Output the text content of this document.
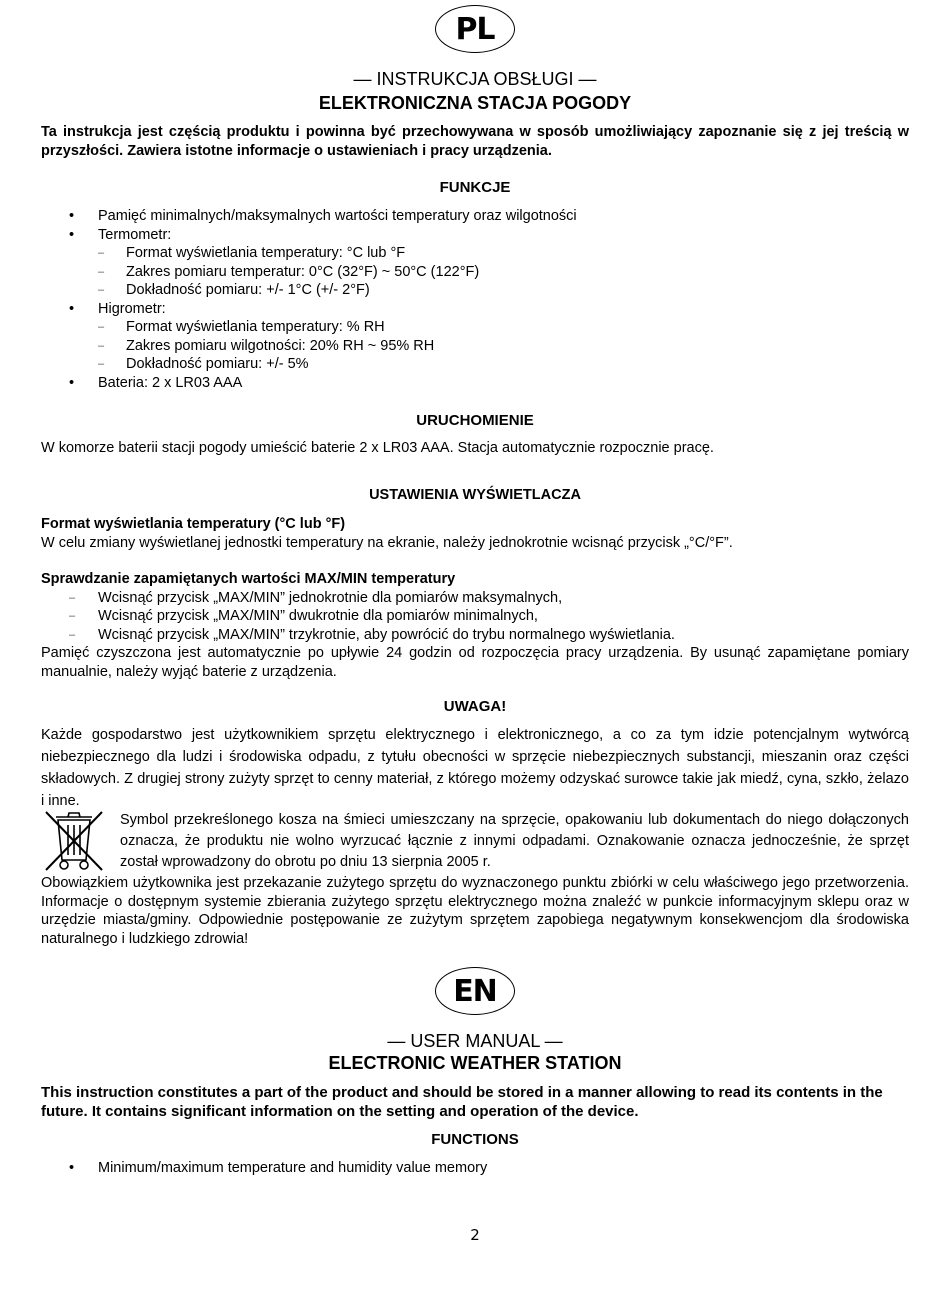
PL
— INSTRUKCJA OBSŁUGI —
ELEKTRONICZNA STACJA POGODY
Ta instrukcja jest częścią produktu i powinna być przechowywana w sposób umożliwiający zapoznanie się z jej treścią w przyszłości. Zawiera istotne informacje o ustawieniach i pracy urządzenia.
FUNKCJE
• Pamięć minimalnych/maksymalnych wartości temperatury oraz wilgotności
• Termometr:
– Format wyświetlania temperatury: °C lub °F
– Zakres pomiaru temperatur: 0°C (32°F) ~ 50°C (122°F)
– Dokładność pomiaru: +/- 1°C (+/- 2°F)
• Higrometr:
– Format wyświetlania temperatury: % RH
– Zakres pomiaru wilgotności: 20% RH ~ 95% RH
– Dokładność pomiaru: +/- 5%
• Bateria: 2 x LR03 AAA
URUCHOMIENIE
W komorze baterii stacji pogody umieścić baterie 2 x LR03 AAA. Stacja automatycznie rozpocznie pracę.
USTAWIENIA WYŚWIETLACZA
Format wyświetlania temperatury (°C lub °F)
W celu zmiany wyświetlanej jednostki temperatury na ekranie, należy jednokrotnie wcisnąć przycisk „°C/°F”.
Sprawdzanie zapamiętanych wartości MAX/MIN temperatury
– Wcisnąć przycisk „MAX/MIN” jednokrotnie dla pomiarów maksymalnych,
– Wcisnąć przycisk „MAX/MIN” dwukrotnie dla pomiarów minimalnych,
– Wcisnąć przycisk „MAX/MIN” trzykrotnie, aby powrócić do trybu normalnego wyświetlania.
Pamięć czyszczona jest automatycznie po upływie 24 godzin od rozpoczęcia pracy urządzenia. By usunąć zapamiętane pomiary manualnie, należy wyjąć baterie z urządzenia.
UWAGA!
Każde gospodarstwo jest użytkownikiem sprzętu elektrycznego i elektronicznego, a co za tym idzie potencjalnym wytwórcą niebezpiecznego dla ludzi i środowiska odpadu, z tytułu obecności w sprzęcie niebezpiecznych substancji, mieszanin oraz części składowych. Z drugiej strony zużyty sprzęt to cenny materiał, z którego możemy odzyskać surowce takie jak miedź, cyna, szkło, żelazo i inne.
Symbol przekreślonego kosza na śmieci umieszczany na sprzęcie, opakowaniu lub dokumentach do niego dołączonych oznacza, że produktu nie wolno wyrzucać łącznie z innymi odpadami. Oznakowanie oznacza jednocześnie, że sprzęt został wprowadzony do obrotu po dniu 13 sierpnia 2005 r.
Obowiązkiem użytkownika jest przekazanie zużytego sprzętu do wyznaczonego punktu zbiórki w celu właściwego jego przetworzenia. Informacje o dostępnym systemie zbierania zużytego sprzętu elektrycznego można znaleźć w punkcie informacyjnym sklepu oraz w urzędzie miasta/gminy. Odpowiednie postępowanie ze zużytym sprzętem zapobiega negatywnym konsekwencjom dla środowiska naturalnego i ludzkiego zdrowia!
EN
— USER MANUAL —
ELECTRONIC WEATHER STATION
This instruction constitutes a part of the product and should be stored in a manner allowing to read its contents in the future. It contains significant information on the setting and operation of the device.
FUNCTIONS
• Minimum/maximum temperature and humidity value memory
2
